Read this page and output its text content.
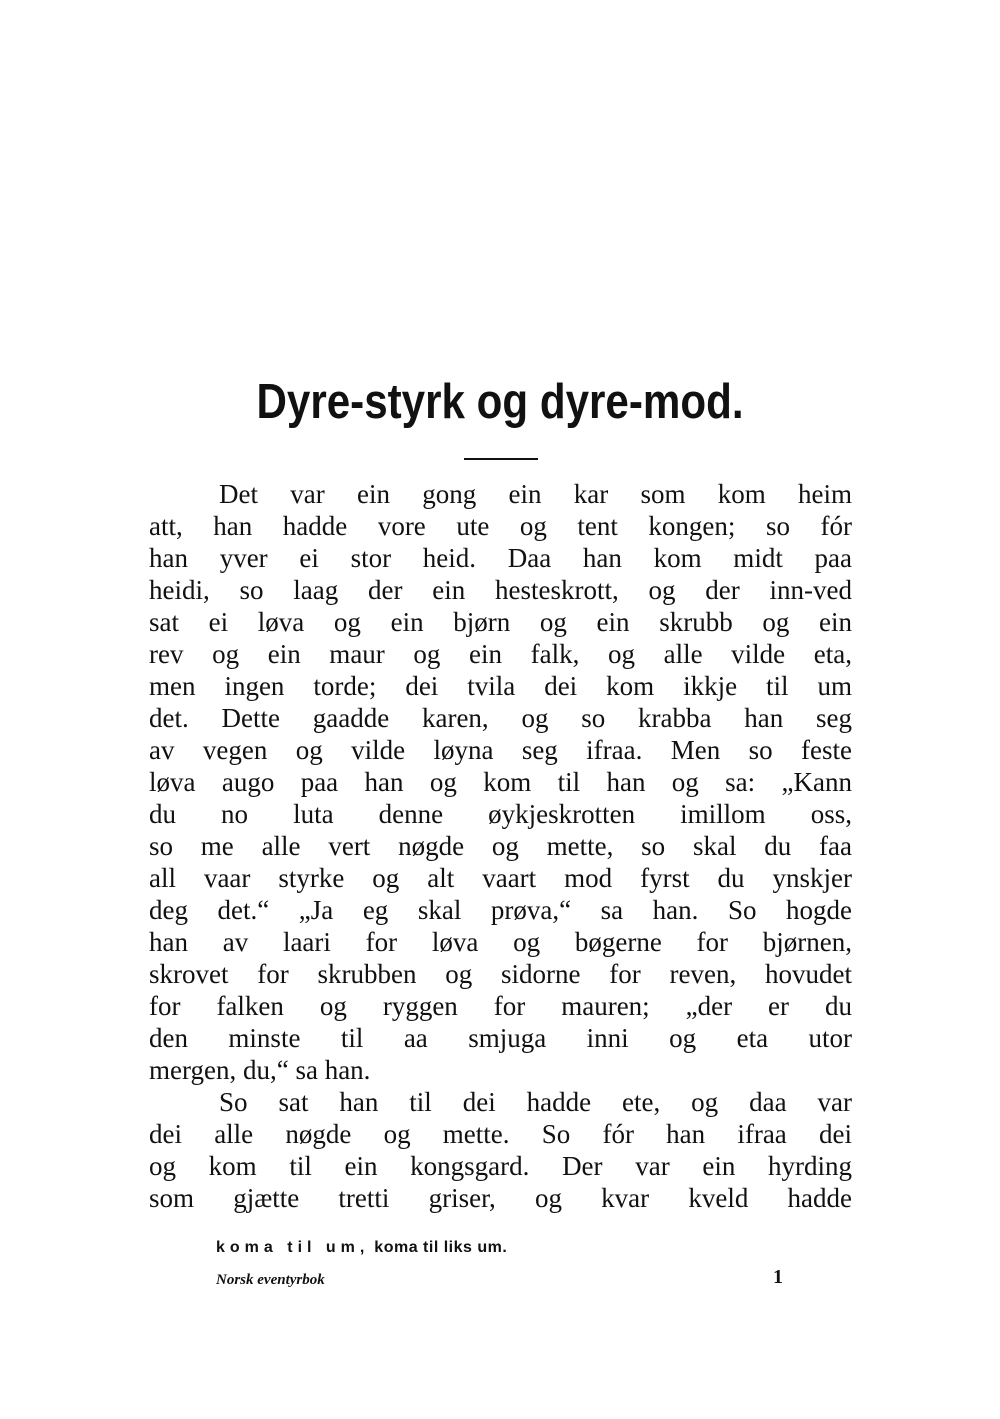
Dyre-styrk og dyre-mod.
Det var ein gong ein kar som kom heim
att, han hadde vore ute og tent kongen; so fór
han yver ei stor heid. Daa han kom midt paa
heidi, so laag der ein hesteskrott, og der inn-ved
sat ei løva og ein bjørn og ein skrubb og ein
rev og ein maur og ein falk, og alle vilde eta,
men ingen torde; dei tvila dei kom ikkje til um
det. Dette gaadde karen, og so krabba han seg
av vegen og vilde løyna seg ifraa. Men so feste
løva augo paa han og kom til han og sa: „Kann
du no luta denne øykjeskrotten imillom oss,
so me alle vert nøgde og mette, so skal du faa
all vaar styrke og alt vaart mod fyrst du ynskjer
deg det.“ „Ja eg skal prøva,“ sa han. So hogde
han av laari for løva og bøgerne for bjørnen,
skrovet for skrubben og sidorne for reven, hovudet
for falken og ryggen for mauren; „der er du
den minste til aa smjuga inni og eta utor
mergen, du,“ sa han.
So sat han til dei hadde ete, og daa var
dei alle nøgde og mette. So fór han ifraa dei
og kom til ein kongsgard. Der var ein hyrding
som gjætte tretti griser, og kvar kveld hadde
koma til um, koma til liks um.
Norsk eventyrbok	1
